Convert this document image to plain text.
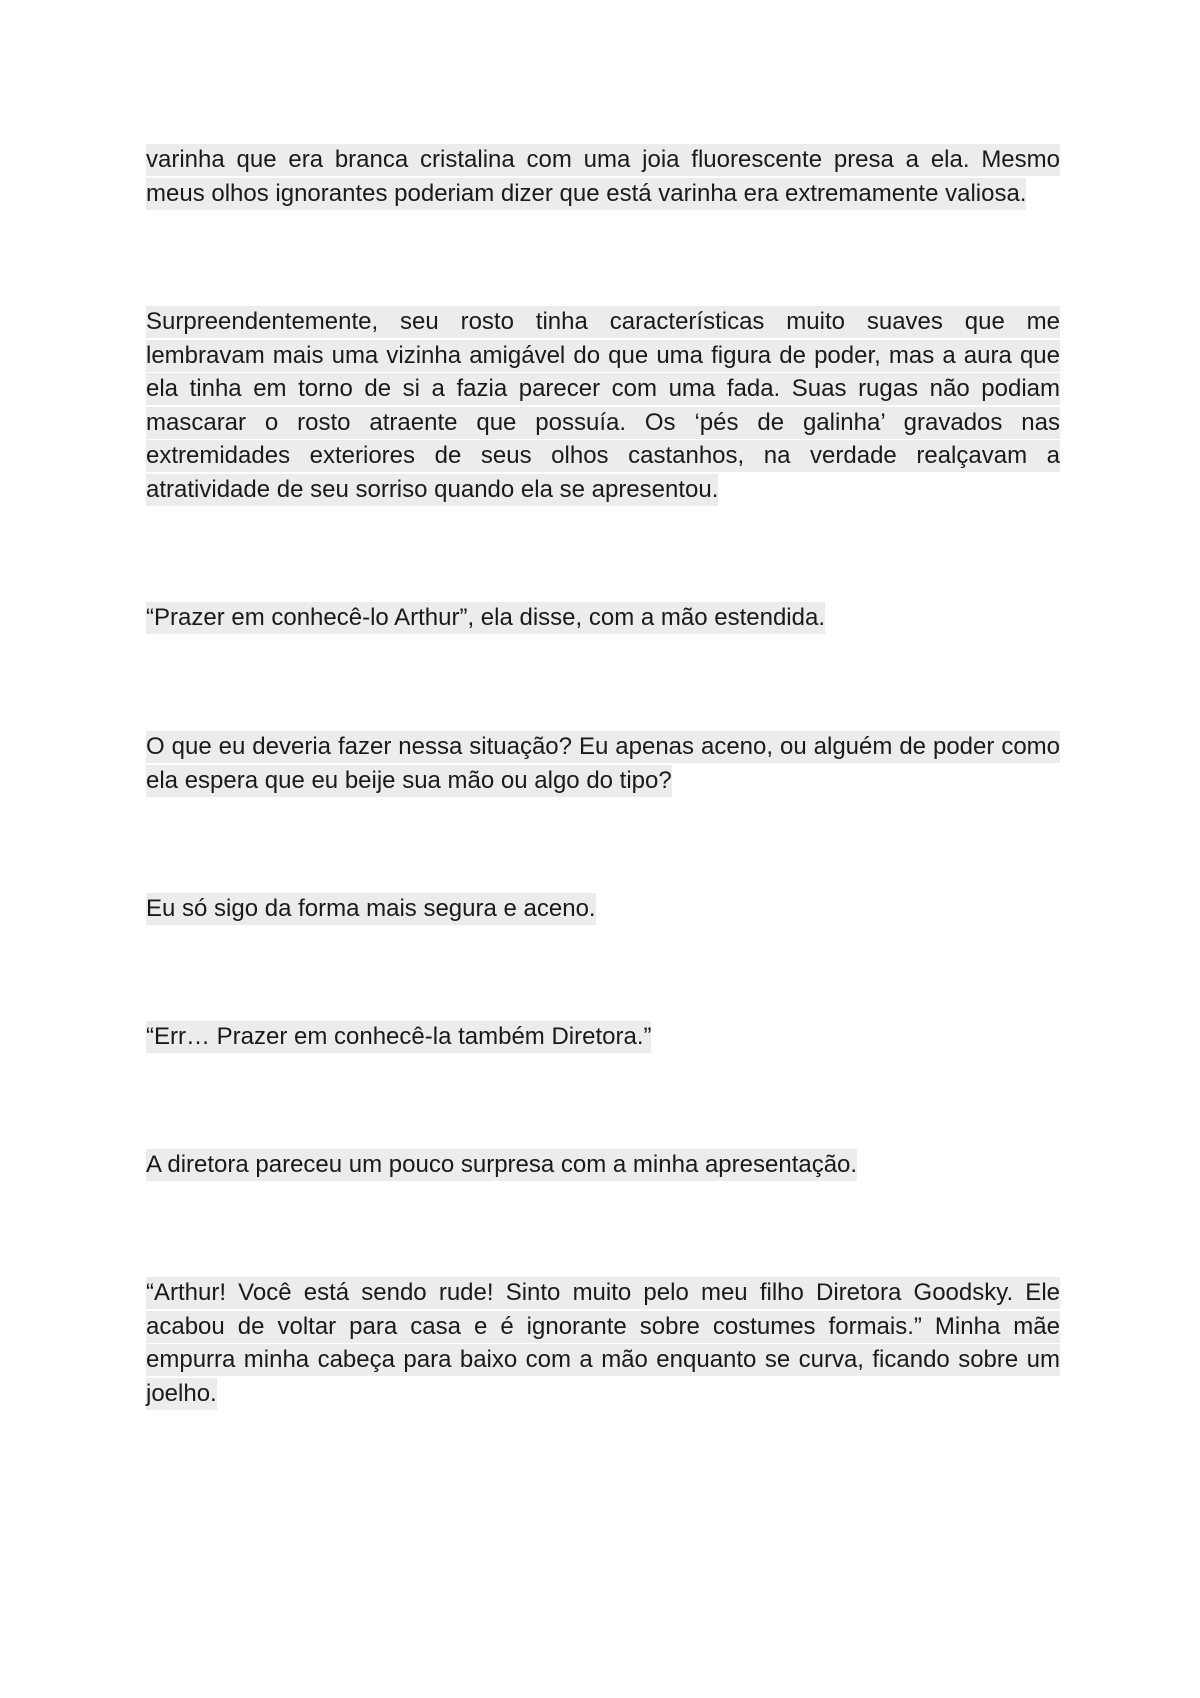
varinha que era branca cristalina com uma joia fluorescente presa a ela. Mesmo meus olhos ignorantes poderiam dizer que está varinha era extremamente valiosa.

Surpreendentemente, seu rosto tinha características muito suaves que me lembravam mais uma vizinha amigável do que uma figura de poder, mas a aura que ela tinha em torno de si a fazia parecer com uma fada. Suas rugas não podiam mascarar o rosto atraente que possuía. Os ‘pés de galinha’ gravados nas extremidades exteriores de seus olhos castanhos, na verdade realçavam a atratividade de seu sorriso quando ela se apresentou.

“Prazer em conhecê-lo Arthur”, ela disse, com a mão estendida.

O que eu deveria fazer nessa situação? Eu apenas aceno, ou alguém de poder como ela espera que eu beije sua mão ou algo do tipo?

Eu só sigo da forma mais segura e aceno.

“Err… Prazer em conhecê-la também Diretora.”

A diretora pareceu um pouco surpresa com a minha apresentação.

“Arthur! Você está sendo rude! Sinto muito pelo meu filho Diretora Goodsky. Ele acabou de voltar para casa e é ignorante sobre costumes formais.” Minha mãe empurra minha cabeça para baixo com a mão enquanto se curva, ficando sobre um joelho.
